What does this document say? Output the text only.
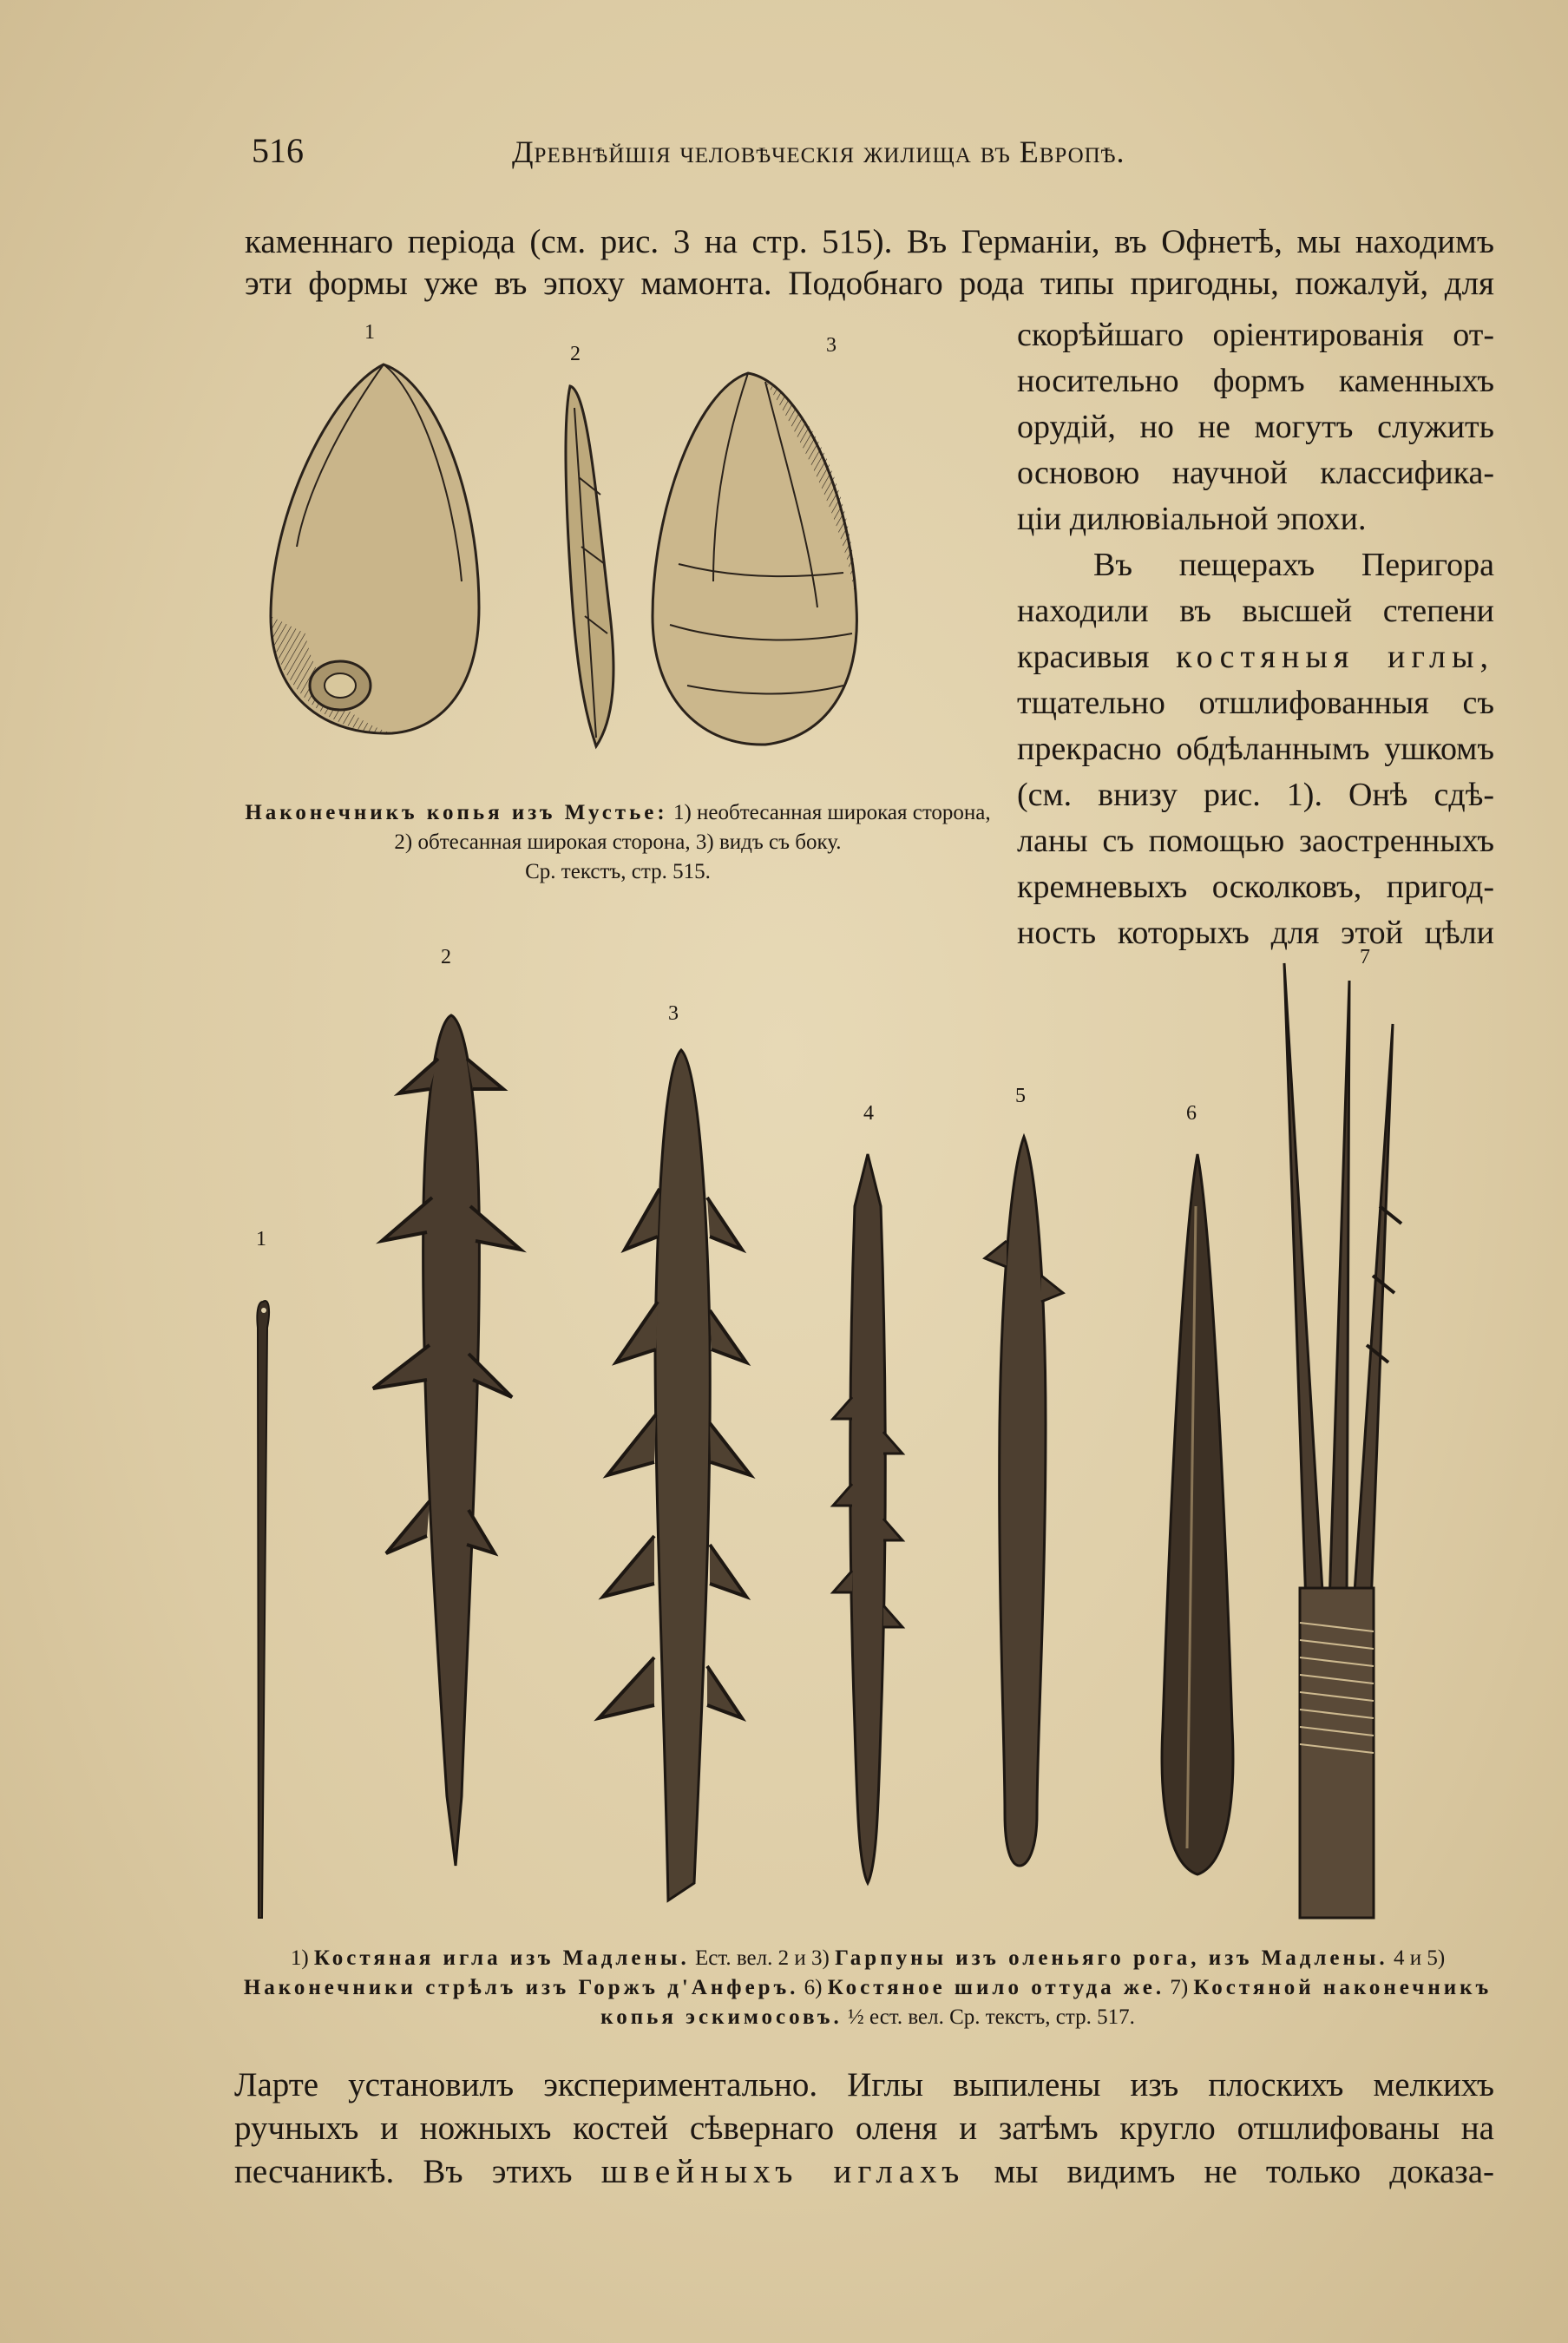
516	Древнѣйшія человѣческія жилища въ Европѣ.
каменнаго періода (см. рис. 3 на стр. 515). Въ Германіи, въ Офнетѣ, мы находимъ
эти формы уже въ эпоху мамонта. Подобнаго рода типы пригодны, пожалуй, для
1
2	3
Наконечникъ копья изъ Мустье: 1) необтесанная широкая сторона, 2) обтесанная широкая сторона, 3) видъ съ боку.
Ср. текстъ, стр. 515.
скорѣйшаго оріентированія от-
носительно формъ каменныхъ
орудій, но не могутъ служить
основою научной классифика-
ціи дилювіальной эпохи.
Въ пещерахъ Перигора
находили въ высшей степени
красивыя костяныя иглы,
тщательно отшлифованныя съ
прекрасно обдѣланнымъ ушкомъ
(см. внизу рис. 1). Онѣ сдѣ-
ланы съ помощью заостренныхъ
кремневыхъ осколковъ, пригод-
ность которыхъ для этой цѣли
1
2
3
4
5
6
7
1) Костяная игла изъ Мадлены. Ест. вел. 2 и 3) Гарпуны изъ оленьяго рога, изъ Мадлены. 4 и 5) Наконечники стрѣлъ изъ Горжъ д'Анферъ. 6) Костяное шило оттуда же. 7) Костяной наконечникъ копья эскимосовъ. ½ ест. вел. Ср. текстъ, стр. 517.
Ларте установилъ экспериментально. Иглы выпилены изъ плоскихъ мелкихъ
ручныхъ и ножныхъ костей сѣвернаго оленя и затѣмъ кругло отшлифованы на
песчаникѣ. Въ этихъ швейныхъ иглахъ мы видимъ не только доказа-
